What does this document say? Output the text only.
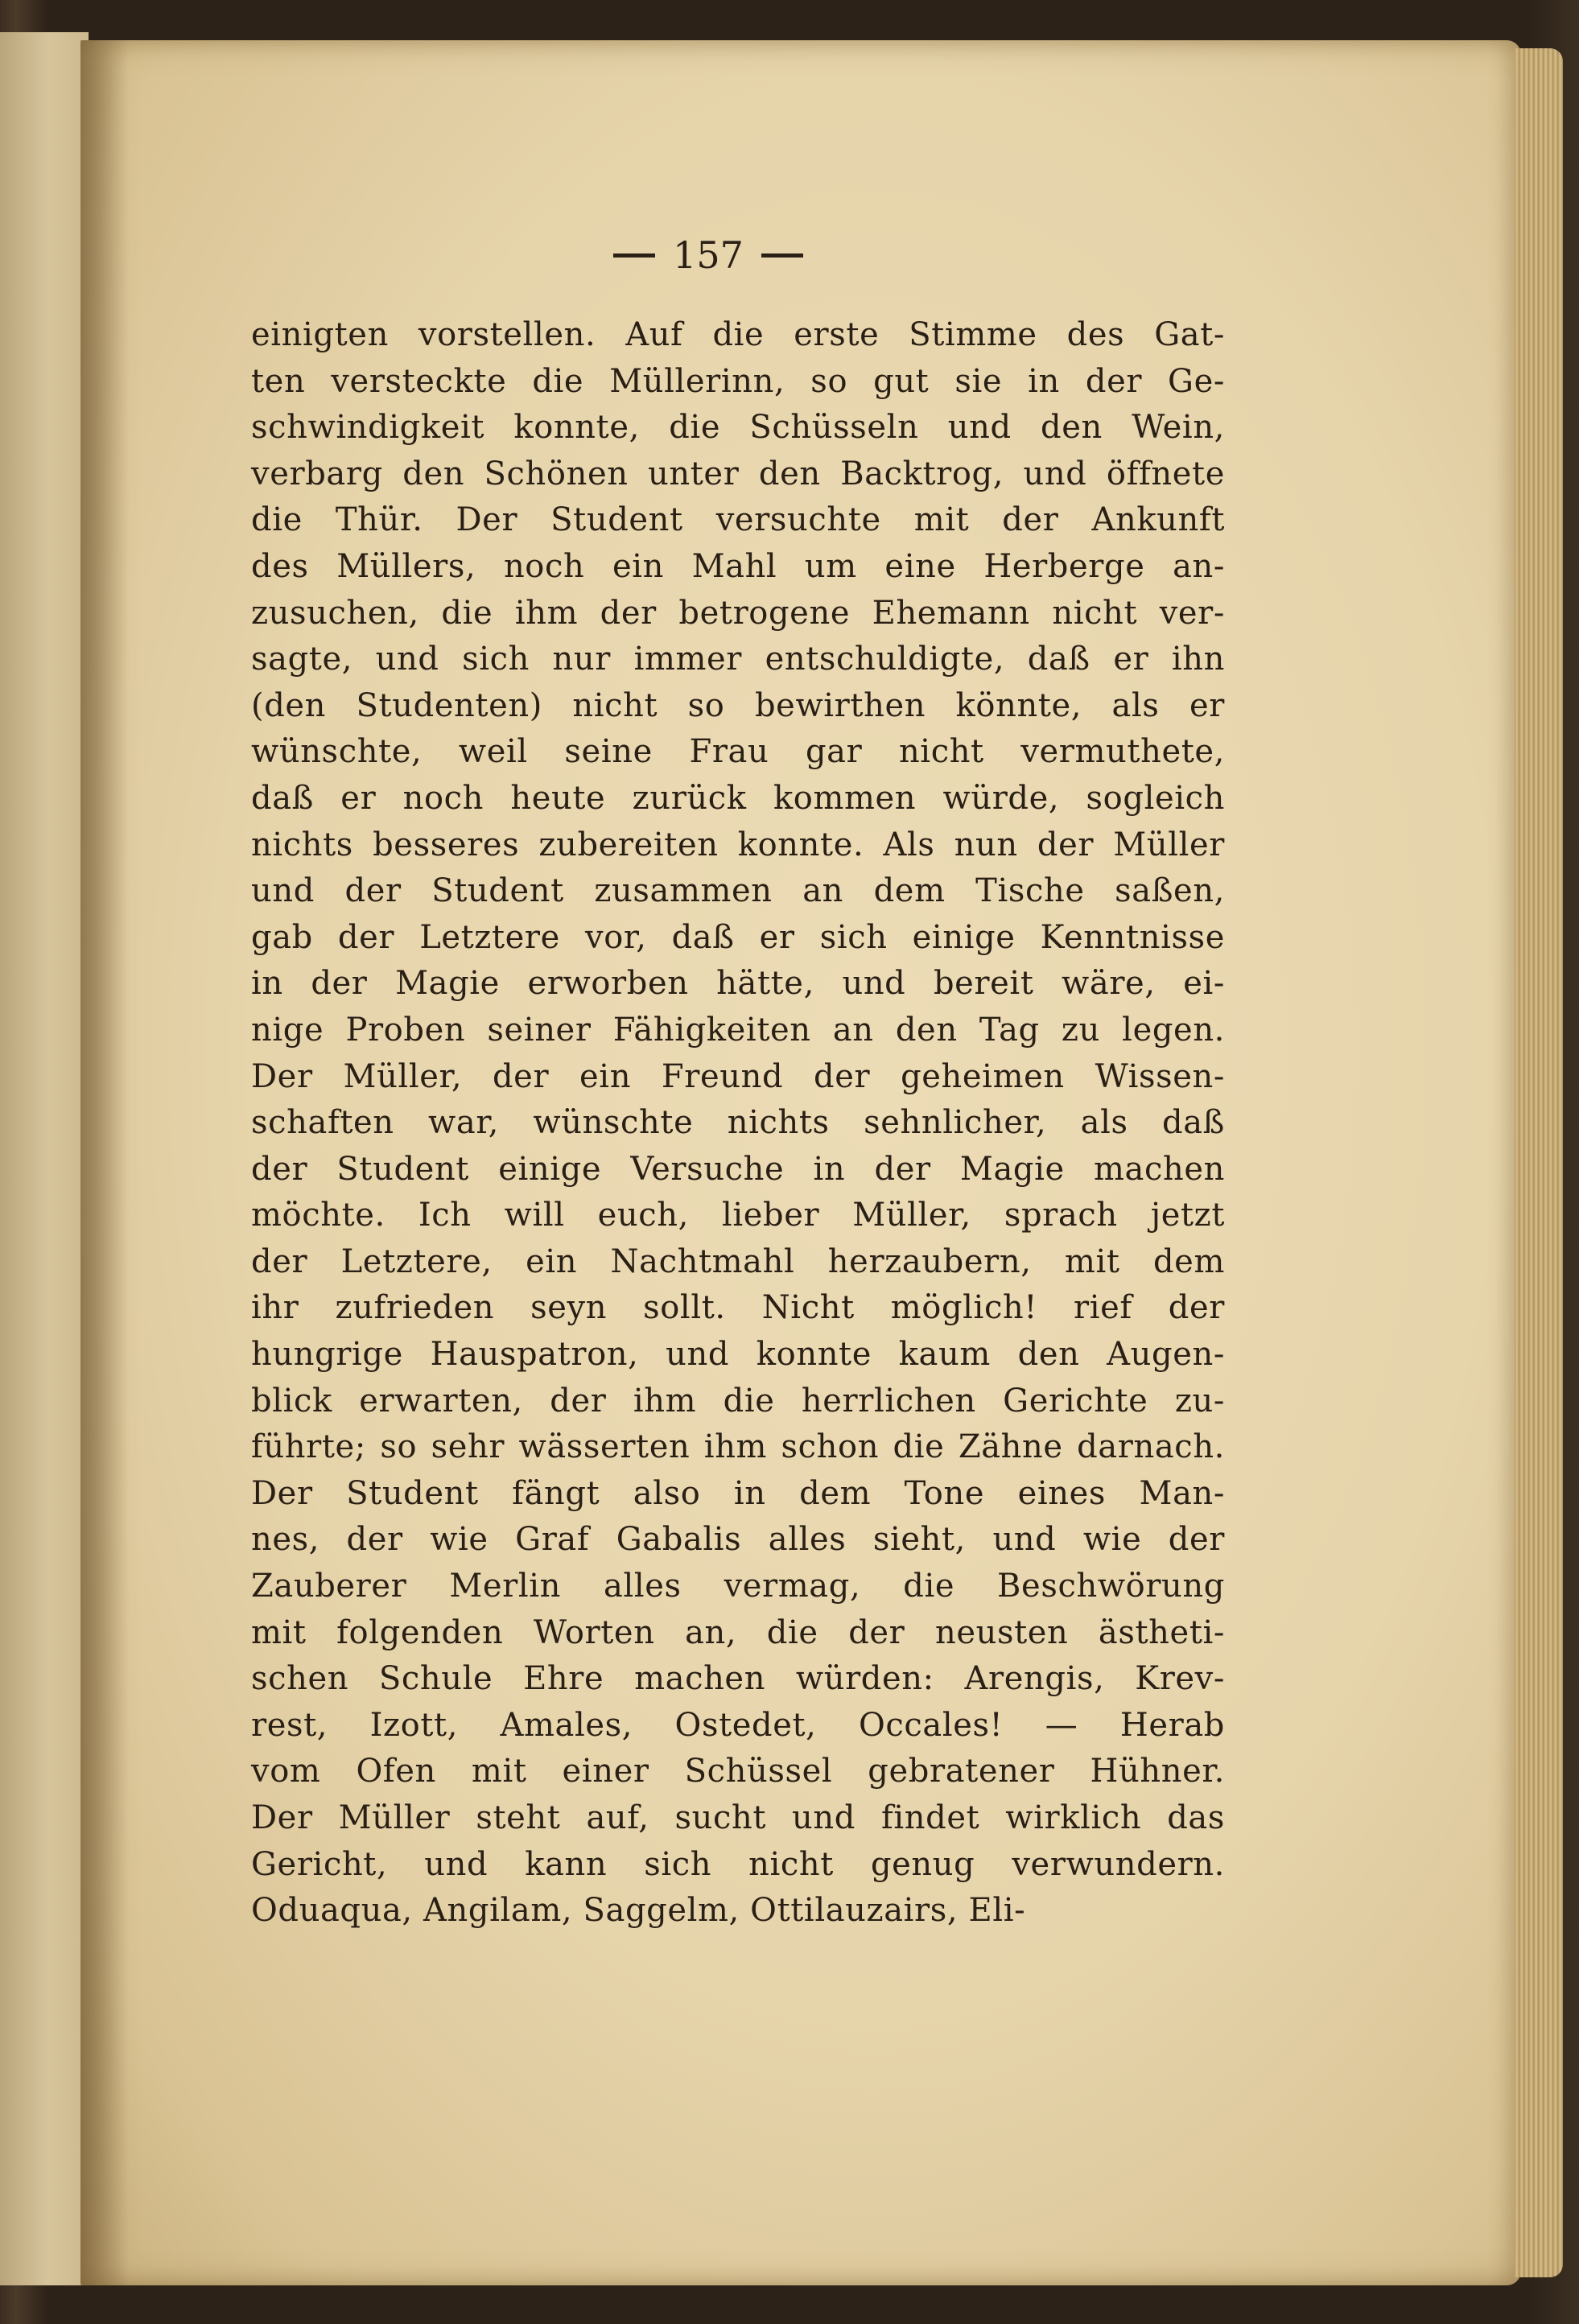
157
einigten vorstellen. Auf die erste Stimme des Gat-
ten versteckte die Müllerinn, so gut sie in der Ge-
schwindigkeit konnte, die Schüsseln und den Wein,
verbarg den Schönen unter den Backtrog, und öffnete
die Thür. Der Student versuchte mit der Ankunft
des Müllers, noch ein Mahl um eine Herberge an-
zusuchen, die ihm der betrogene Ehemann nicht ver-
sagte, und sich nur immer entschuldigte, daß er ihn
(den Studenten) nicht so bewirthen könnte, als er
wünschte, weil seine Frau gar nicht vermuthete,
daß er noch heute zurück kommen würde, sogleich
nichts besseres zubereiten konnte. Als nun der Müller
und der Student zusammen an dem Tische saßen,
gab der Letztere vor, daß er sich einige Kenntnisse
in der Magie erworben hätte, und bereit wäre, ei-
nige Proben seiner Fähigkeiten an den Tag zu legen.
Der Müller, der ein Freund der geheimen Wissen-
schaften war, wünschte nichts sehnlicher, als daß
der Student einige Versuche in der Magie machen
möchte. Ich will euch, lieber Müller, sprach jetzt
der Letztere, ein Nachtmahl herzaubern, mit dem
ihr zufrieden seyn sollt. Nicht möglich! rief der
hungrige Hauspatron, und konnte kaum den Augen-
blick erwarten, der ihm die herrlichen Gerichte zu-
führte; so sehr wässerten ihm schon die Zähne darnach.
Der Student fängt also in dem Tone eines Man-
nes, der wie Graf Gabalis alles sieht, und wie der
Zauberer Merlin alles vermag, die Beschwörung
mit folgenden Worten an, die der neusten ästheti-
schen Schule Ehre machen würden: Arengis, Krev-
rest, Izott, Amales, Ostedet, Occales! — Herab
vom Ofen mit einer Schüssel gebratener Hühner.
Der Müller steht auf, sucht und findet wirklich das
Gericht, und kann sich nicht genug verwundern.
Oduaqua, Angilam, Saggelm, Ottilauzairs, Eli-
